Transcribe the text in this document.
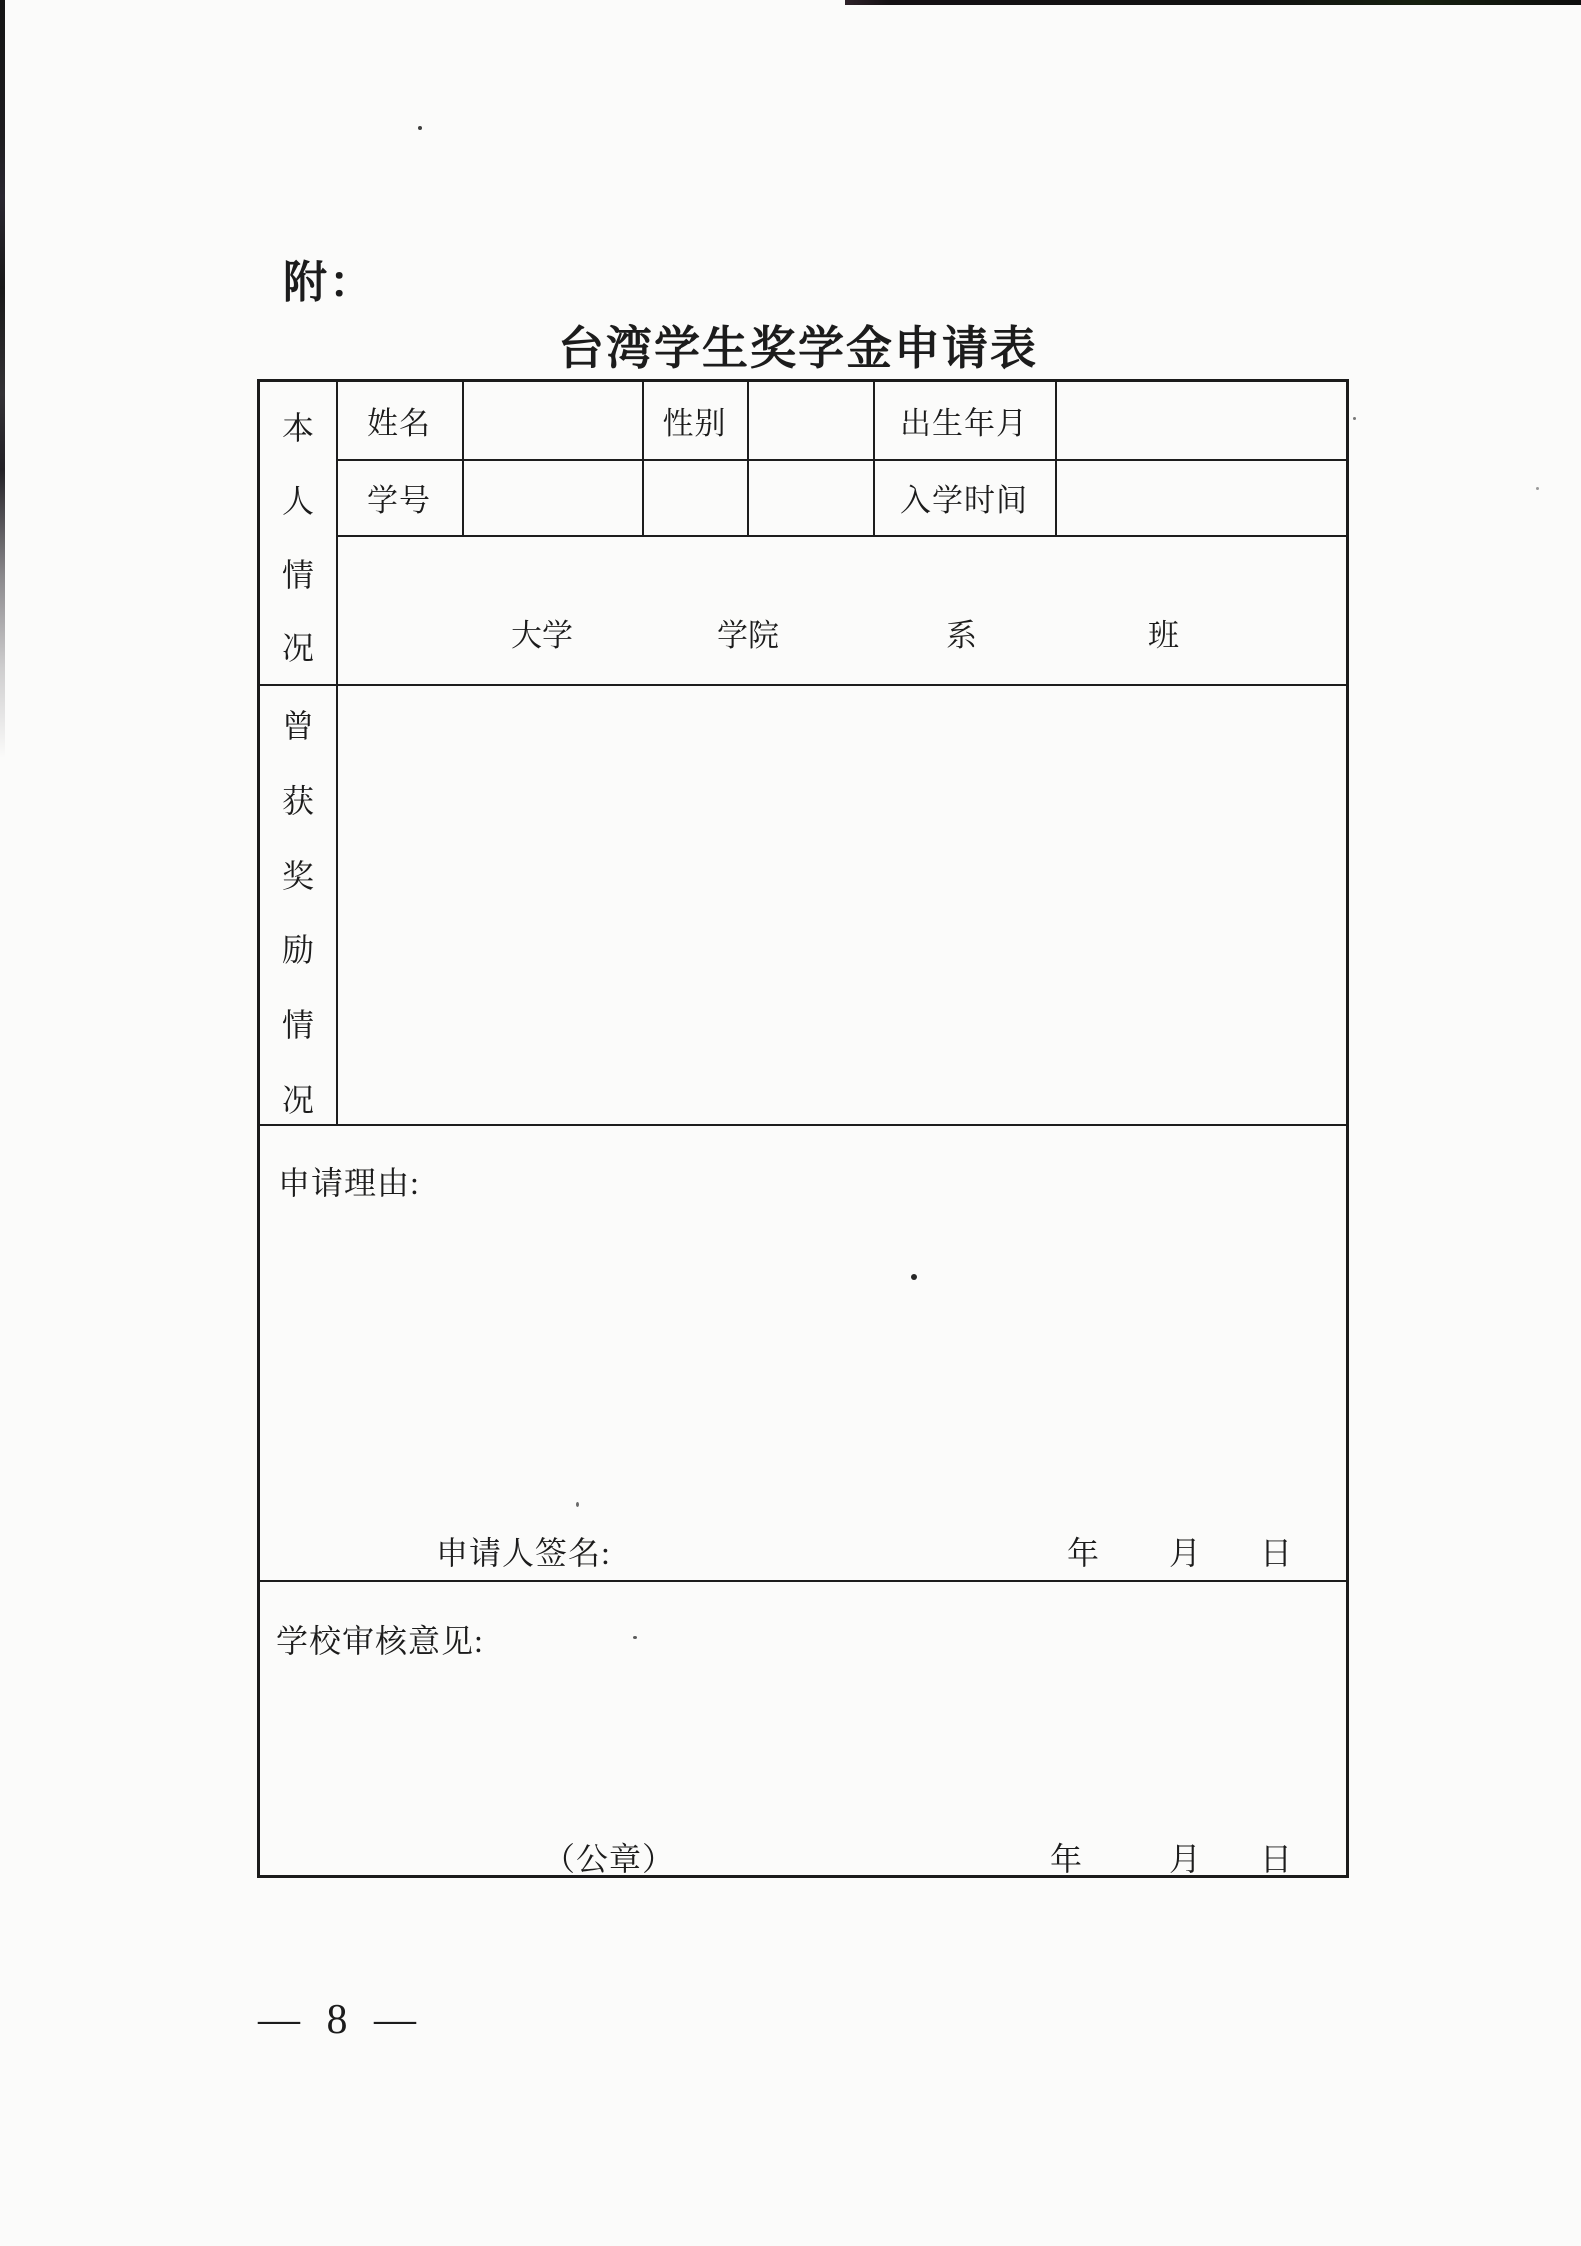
附：
台湾学生奖学金申请表
本
人
情
况
曾
获
奖
励
情
况
姓名	性别	出生年月
学号	入学时间
大学	学院	系	班
申请理由:
申请人签名:	年 月 日
学校审核意见:
（公章）	年	月 日
— 8 —
